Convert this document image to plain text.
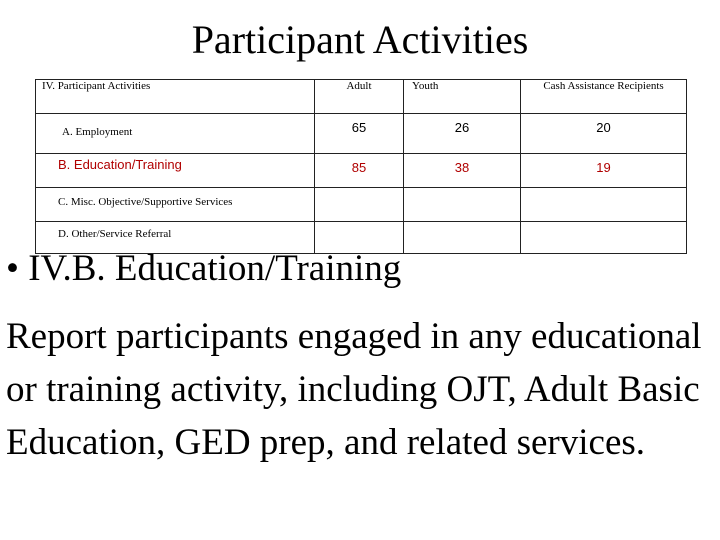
Participant Activities
IV. Participant Activities	Adult	Youth	Cash Assistance Recipients
A. Employment	65	26	20
B. Education/Training	85	38	19
C. Misc. Objective/Supportive Services			
D. Other/Service Referral			
• IV.B. Education/Training
Report participants engaged in any educational or training activity, including OJT, Adult Basic Education, GED prep, and related services.
